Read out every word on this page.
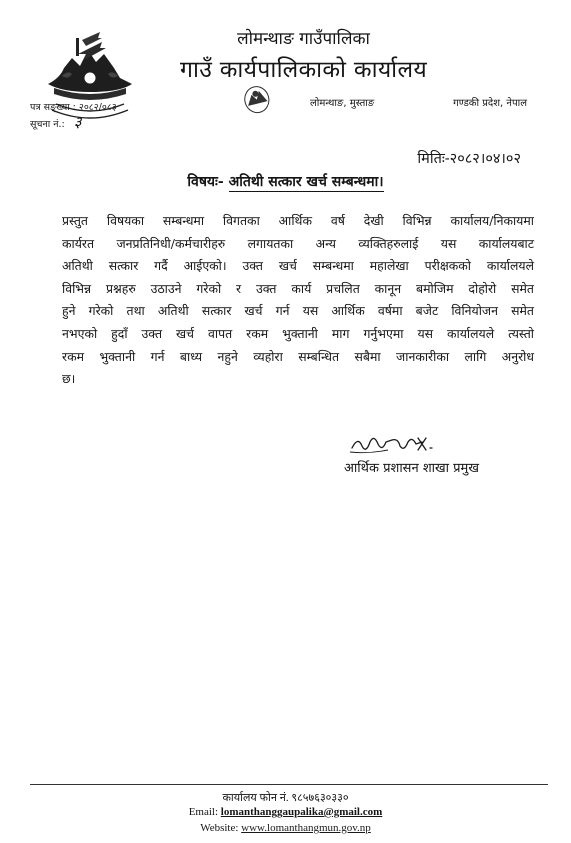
लोमन्थाङ गाउँपालिका
गाउँ कार्यपालिकाको कार्यालय
लोमन्थाङ, मुस्ताङ	गण्डकी प्रदेश, नेपाल
पत्र सङ्ख्या : २०८२/०८३
सूचना नं.: ३
मितिः-२०८२।०४।०२
विषयः- अतिथी सत्कार खर्च सम्बन्धमा।
प्रस्तुत विषयका सम्बन्धमा विगतका आर्थिक वर्ष देखी विभिन्न कार्यालय/निकायमा
कार्यरत जनप्रतिनिधी/कर्मचारीहरु लगायतका अन्य व्यक्तिहरुलाई यस कार्यालयबाट
अतिथी सत्कार गर्दै आईएको। उक्त खर्च सम्बन्धमा महालेखा परीक्षकको कार्यालयले
विभिन्न प्रश्नहरु उठाउने गरेको र उक्त कार्य प्रचलित कानून बमोजिम दोहोरो समेत
हुने गरेको तथा अतिथी सत्कार खर्च गर्न यस आर्थिक वर्षमा बजेट विनियोजन समेत
नभएको हुदाँ उक्त खर्च वापत रकम भुक्तानी माग गर्नुभएमा यस कार्यालयले त्यस्तो
रकम भुक्तानी गर्न बाध्य नहुने व्यहोरा सम्बन्धित सबैमा जानकारीका लागि अनुरोध
छ।
आर्थिक प्रशासन शाखा प्रमुख
कार्यालय फोन नं. ९८५७६३०३३०
Email: lomanthanggaupalika@gmail.com
Website: www.lomanthangmun.gov.np
